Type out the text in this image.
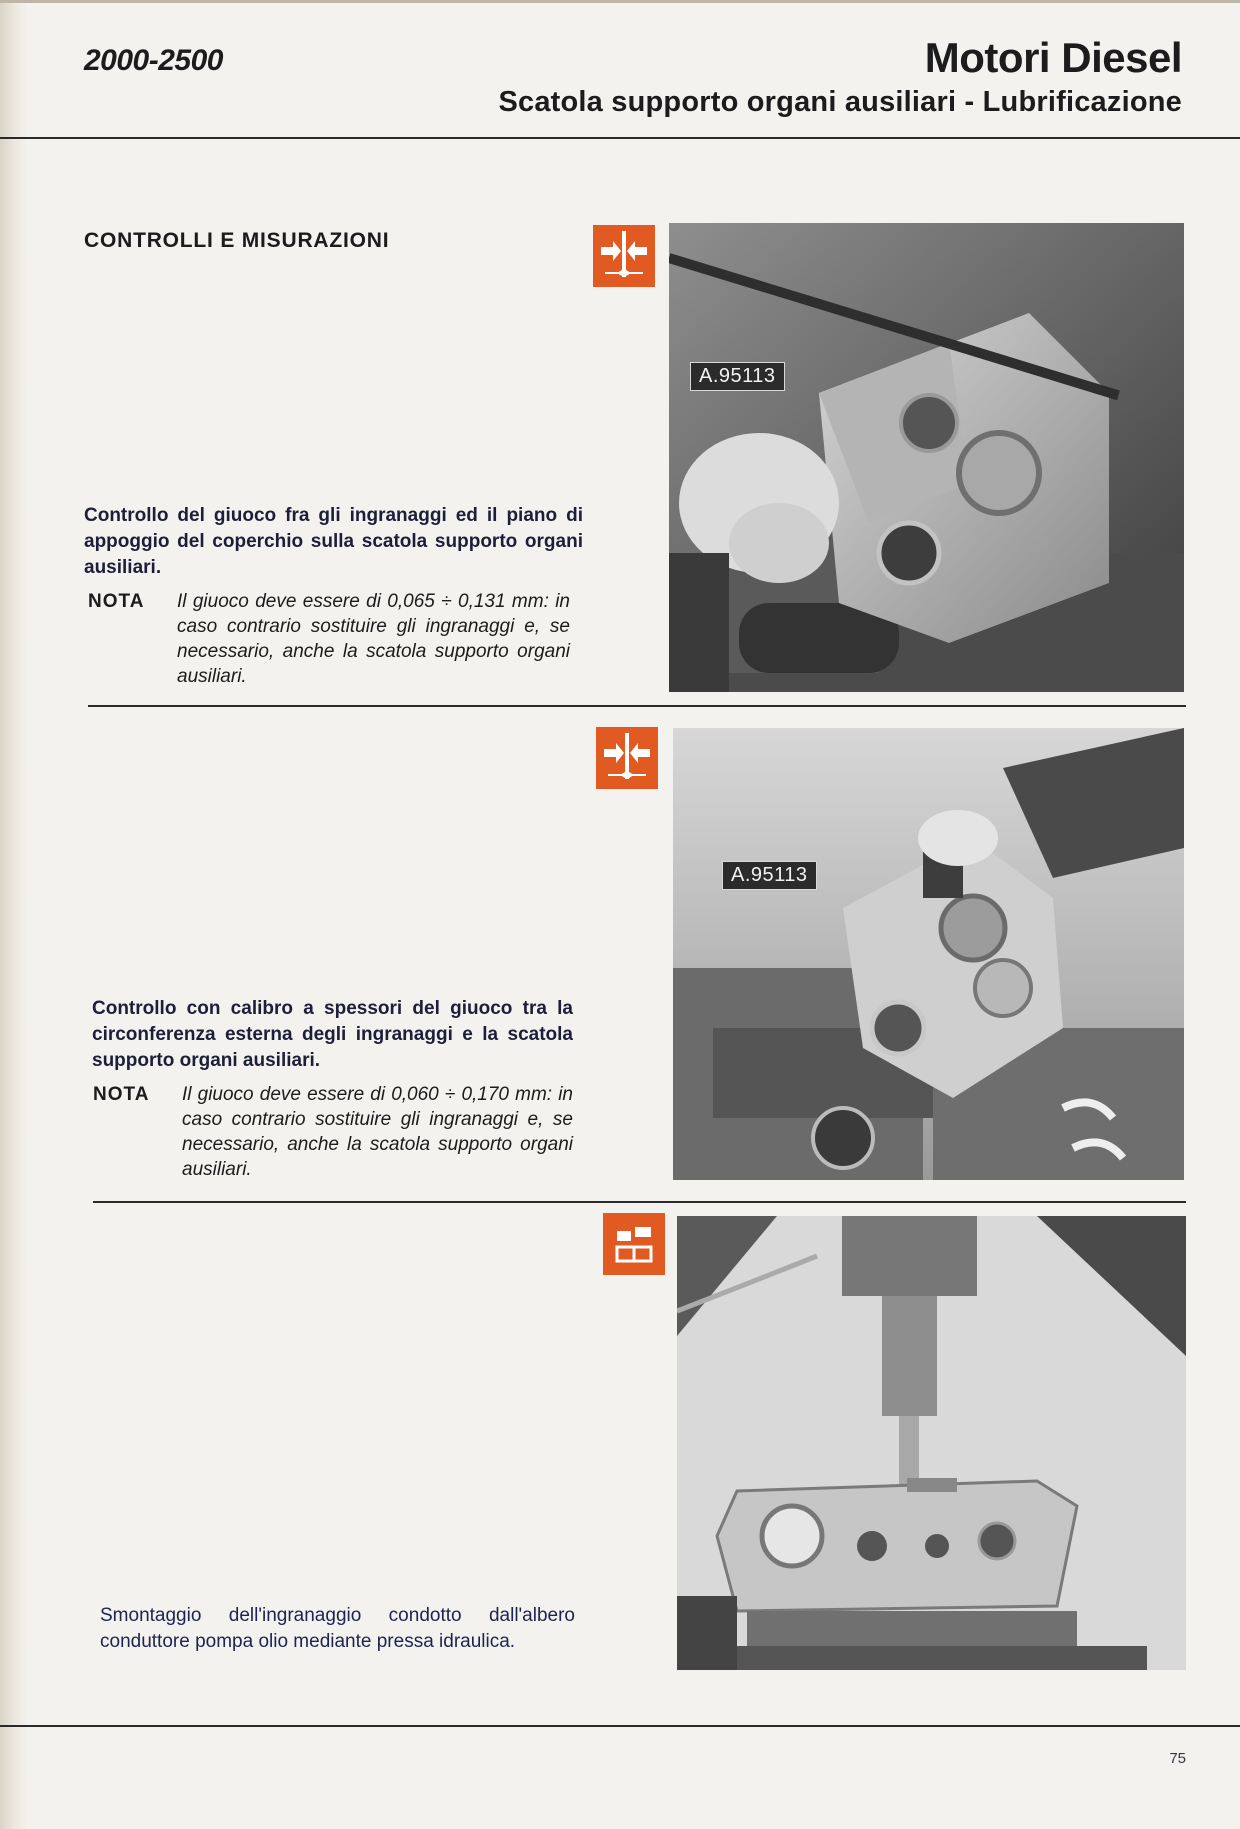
2000-2500	Motori Diesel
Scatola supporto organi ausiliari - Lubrificazione
CONTROLLI E MISURAZIONI
A.95113
Controllo del giuoco fra gli ingranaggi ed il piano di appoggio del coperchio sulla scatola supporto organi ausiliari.
NOTA Il giuoco deve essere di 0,065 ÷ 0,131 mm: in caso contrario sostituire gli ingranaggi e, se necessario, anche la scatola supporto organi ausiliari.
A.95113
Controllo con calibro a spessori del giuoco tra la circonferenza esterna degli ingranaggi e la scatola supporto organi ausiliari.
NOTA Il giuoco deve essere di 0,060 ÷ 0,170 mm: in caso contrario sostituire gli ingranaggi e, se necessario, anche la scatola supporto organi ausiliari.
Smontaggio dell'ingranaggio condotto dall'albero conduttore pompa olio mediante pressa idraulica.
75
